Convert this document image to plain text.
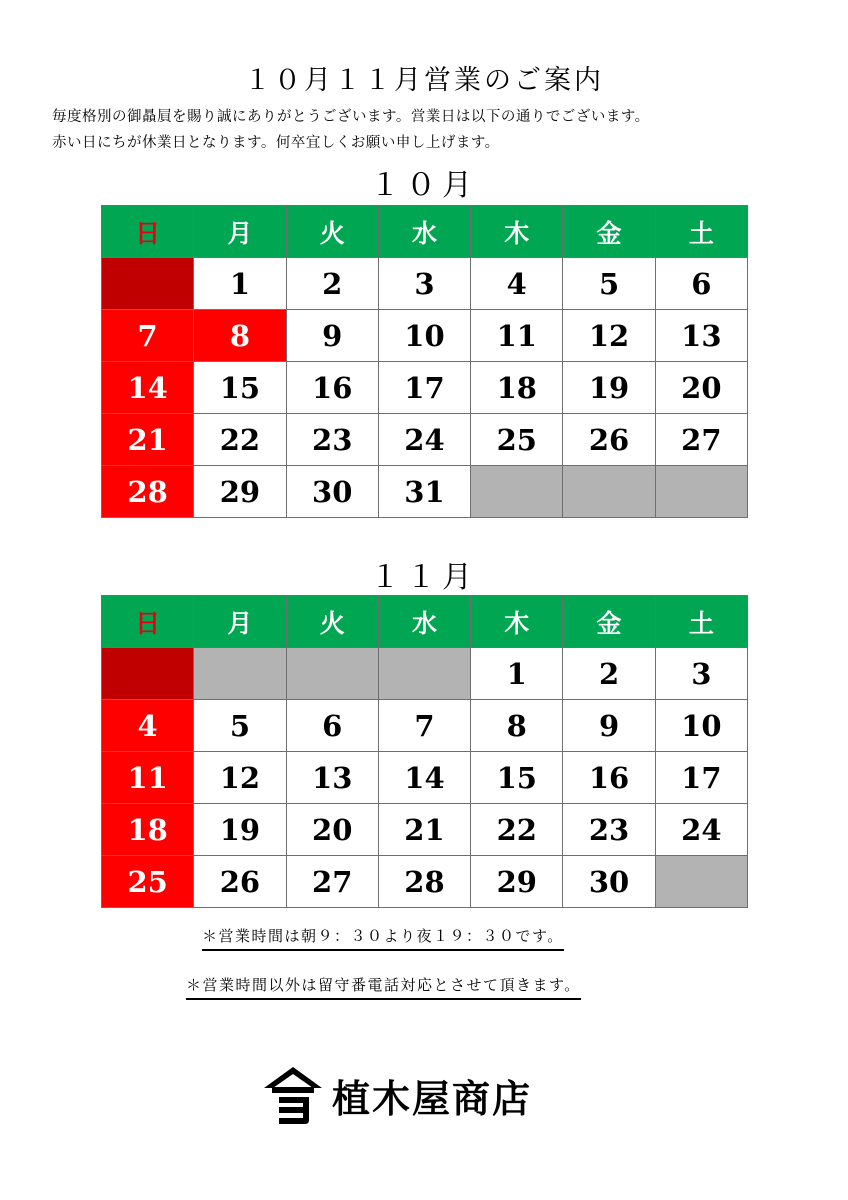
１０月１１月営業のご案内
毎度格別の御贔屓を賜り誠にありがとうございます。営業日は以下の通りでございます。
赤い日にちが休業日となります。何卒宜しくお願い申し上げます。
１０月
日	月	火	水	木	金	土
	1	2	3	4	5	6
7	8	9	10	11	12	13
14	15	16	17	18	19	20
21	22	23	24	25	26	27
28	29	30	31			
１１月
日	月	火	水	木	金	土
				1	2	3
4	5	6	7	8	9	10
11	12	13	14	15	16	17
18	19	20	21	22	23	24
25	26	27	28	29	30	
＊営業時間は朝９：３０より夜１９：３０です。
＊営業時間以外は留守番電話対応とさせて頂きます。
植木屋商店
